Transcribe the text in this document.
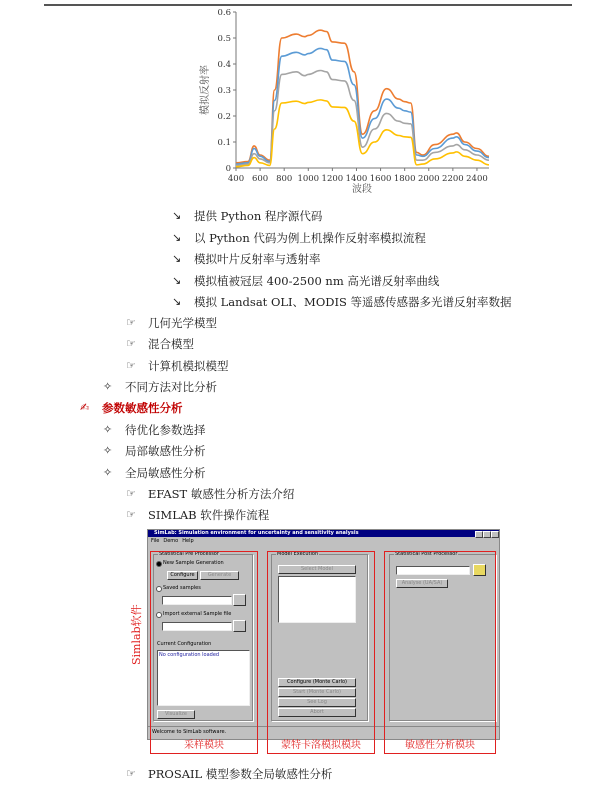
0
0.1
0.2
0.3
0.4
0.5
0.6
400 600 800 1000 1200 1400 1600 1800 2000 2200 2400
模拟反射率
波段
↘ 提供 Python 程序源代码
↘ 以 Python 代码为例上机操作反射率模拟流程
↘ 模拟叶片反射率与透射率
↘ 模拟植被冠层 400-2500 nm 高光谱反射率曲线
↘ 模拟 Landsat OLI、MODIS 等遥感传感器多光谱反射率数据
☞ 几何光学模型
☞ 混合模型
☞ 计算机模拟模型
✧ 不同方法对比分析
✍ 参数敏感性分析
✧ 待优化参数选择
✧ 局部敏感性分析
✧ 全局敏感性分析
☞ EFAST 敏感性分析方法介绍
☞ SIMLAB 软件操作流程
☞ PROSAIL 模型参数全局敏感性分析
SimLab: Simulation environment for uncertainty and sensitivity analysis
File Demo Help
Statistical Pre Processor
New Sample Generation
Configure	Generate
Saved samples
Import external Sample file
Current Configuration
No configuration loaded
Visualize
Model Execution
Select Model
Configure (Monte Carlo)
Start (Monte Carlo)
See Log
Abort
Statistical Post Processor
Analyse (UA/SA)
Welcome to SimLab software.
采样模块	蒙特卡洛模拟模块	敏感性分析模块
Simlab软件
